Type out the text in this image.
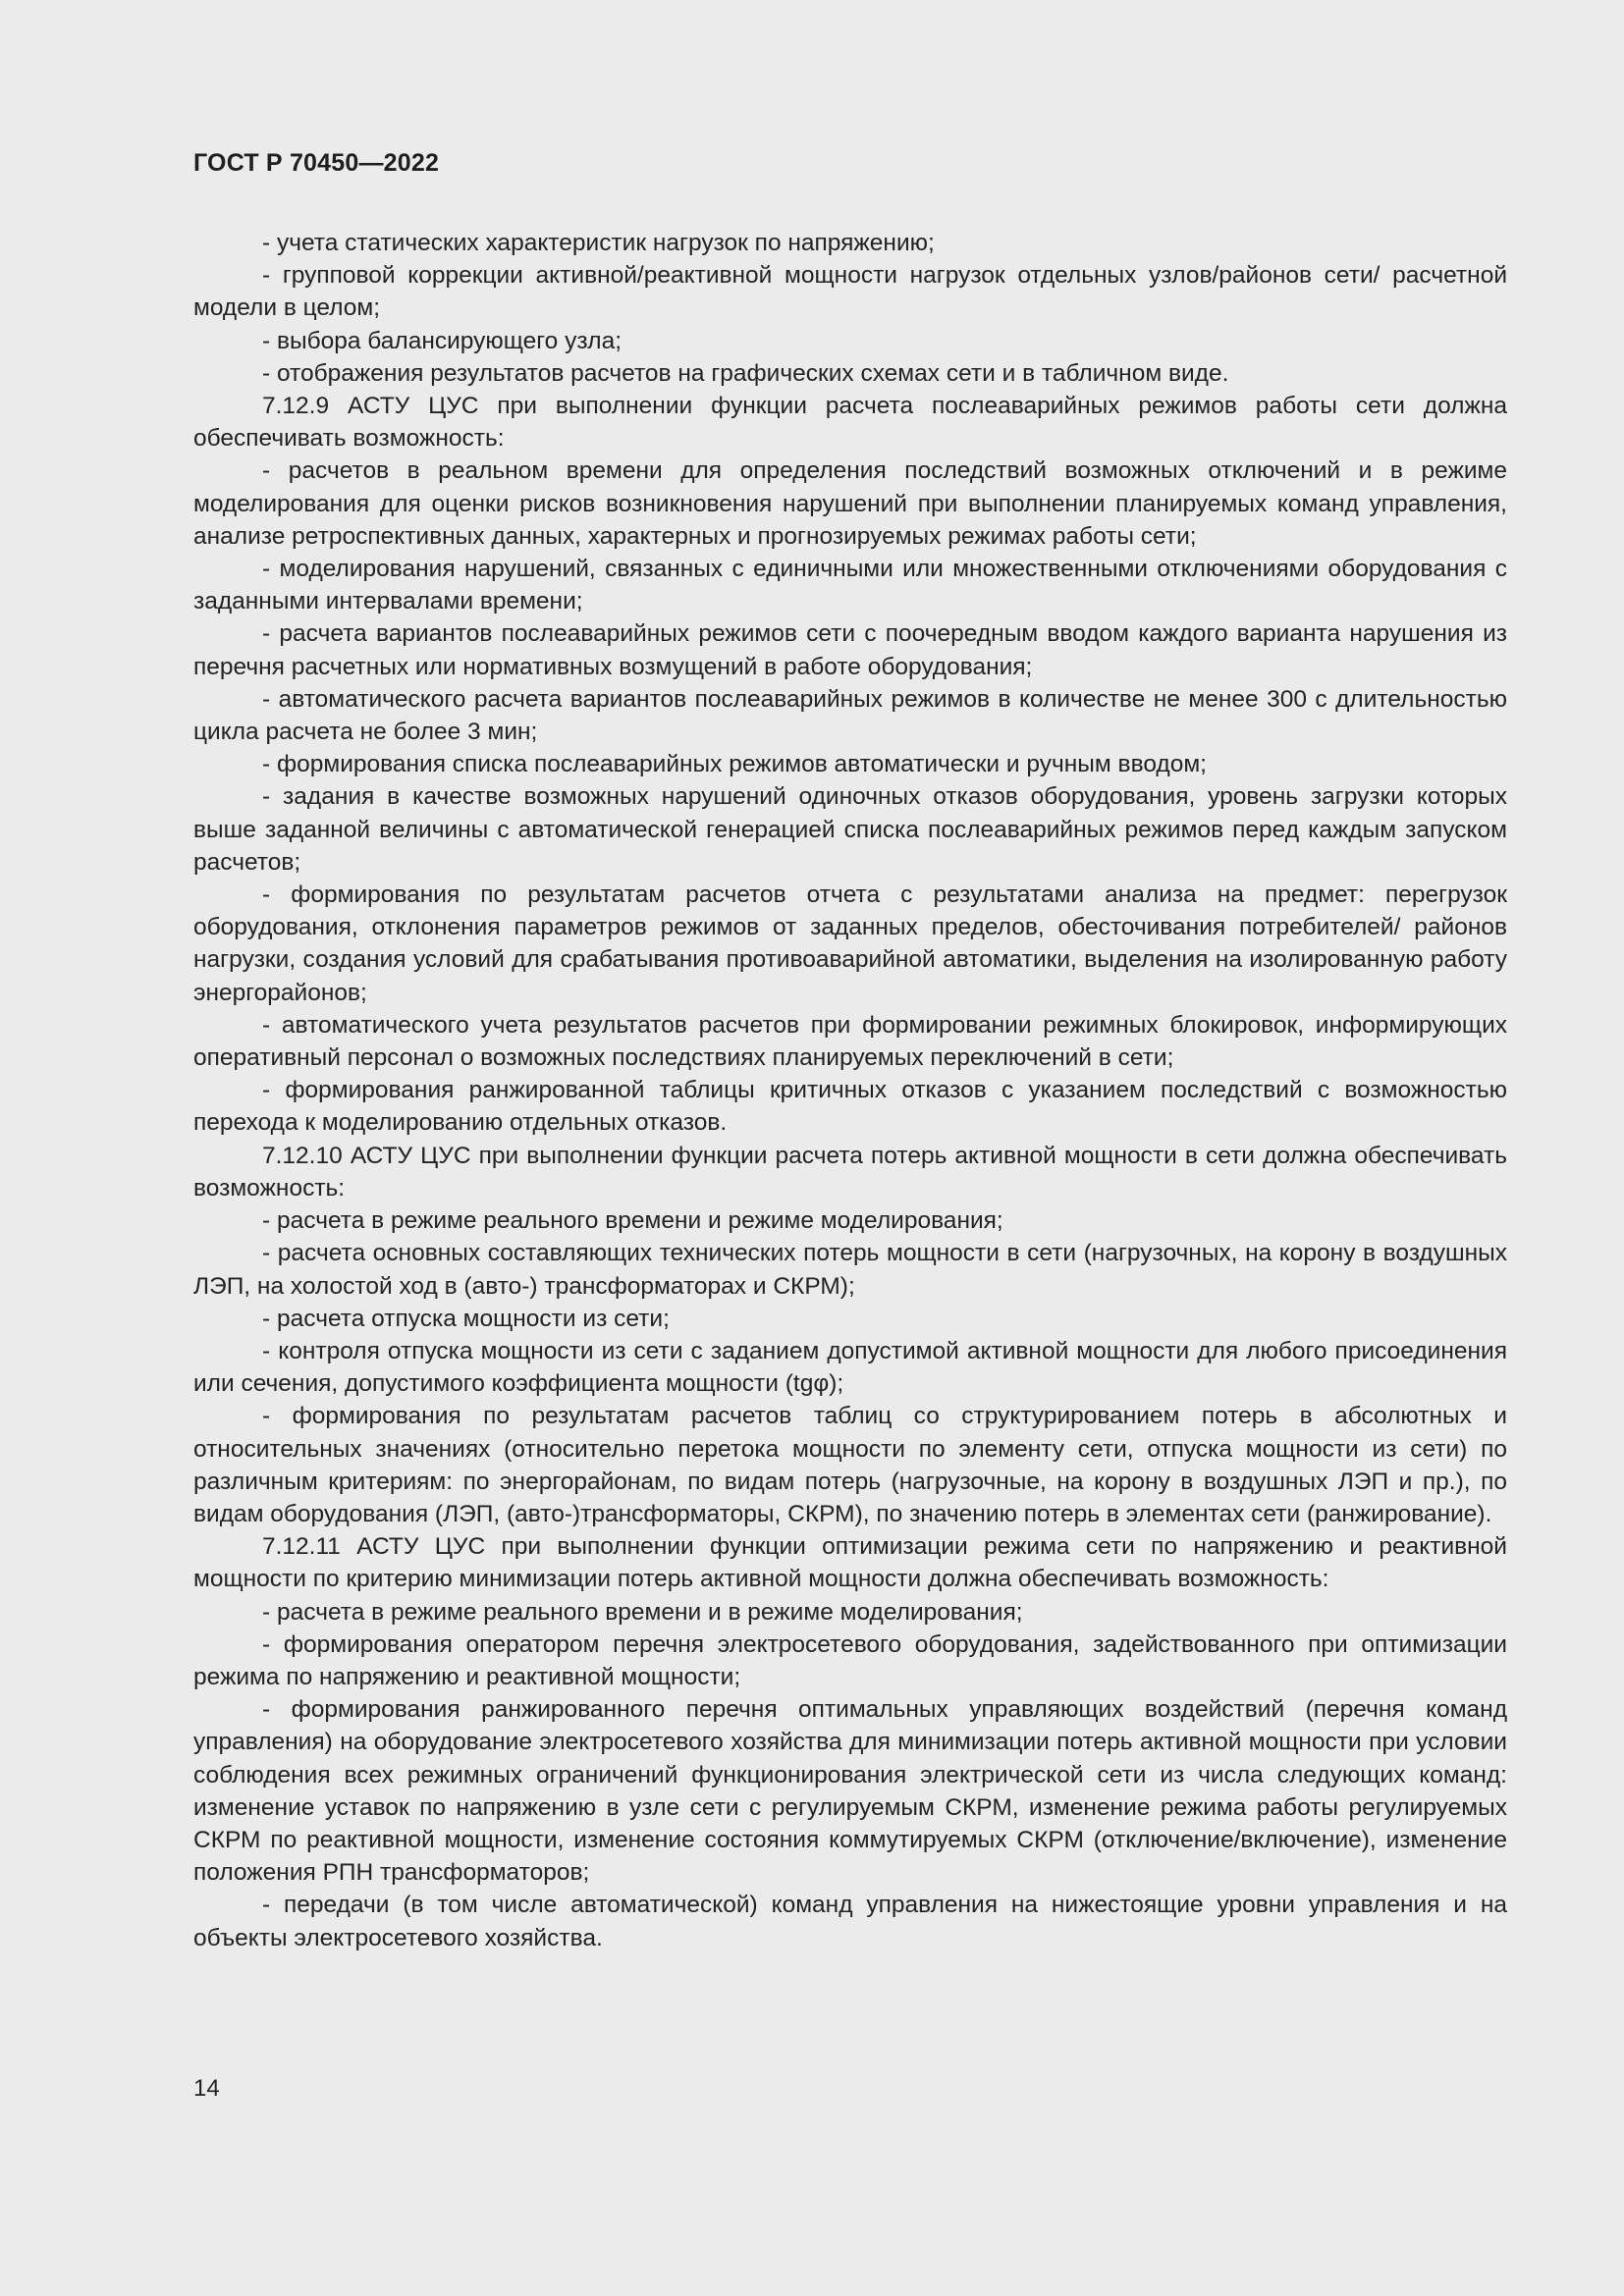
ГОСТ Р 70450—2022

- учета статических характеристик нагрузок по напряжению;

- групповой коррекции активной/реактивной мощности нагрузок отдельных узлов/районов сети/ расчетной модели в целом;

- выбора балансирующего узла;

- отображения результатов расчетов на графических схемах сети и в табличном виде.

7.12.9 АСТУ ЦУС при выполнении функции расчета послеаварийных режимов работы сети должна обеспечивать возможность:

- расчетов в реальном времени для определения последствий возможных отключений и в режиме моделирования для оценки рисков возникновения нарушений при выполнении планируемых команд управления, анализе ретроспективных данных, характерных и прогнозируемых режимах работы сети;

- моделирования нарушений, связанных с единичными или множественными отключениями оборудования с заданными интервалами времени;

- расчета вариантов послеаварийных режимов сети с поочередным вводом каждого варианта нарушения из перечня расчетных или нормативных возмущений в работе оборудования;

- автоматического расчета вариантов послеаварийных режимов в количестве не менее 300 с длительностью цикла расчета не более 3 мин;

- формирования списка послеаварийных режимов автоматически и ручным вводом;

- задания в качестве возможных нарушений одиночных отказов оборудования, уровень загрузки которых выше заданной величины с автоматической генерацией списка послеаварийных режимов перед каждым запуском расчетов;

- формирования по результатам расчетов отчета с результатами анализа на предмет: перегрузок оборудования, отклонения параметров режимов от заданных пределов, обесточивания потребителей/ районов нагрузки, создания условий для срабатывания противоаварийной автоматики, выделения на изолированную работу энергорайонов;

- автоматического учета результатов расчетов при формировании режимных блокировок, информирующих оперативный персонал о возможных последствиях планируемых переключений в сети;

- формирования ранжированной таблицы критичных отказов с указанием последствий с возможностью перехода к моделированию отдельных отказов.

7.12.10 АСТУ ЦУС при выполнении функции расчета потерь активной мощности в сети должна обеспечивать возможность:

- расчета в режиме реального времени и режиме моделирования;

- расчета основных составляющих технических потерь мощности в сети (нагрузочных, на корону в воздушных ЛЭП, на холостой ход в (авто-) трансформаторах и СКРМ);

- расчета отпуска мощности из сети;

- контроля отпуска мощности из сети с заданием допустимой активной мощности для любого присоединения или сечения, допустимого коэффициента мощности (tgφ);

- формирования по результатам расчетов таблиц со структурированием потерь в абсолютных и относительных значениях (относительно перетока мощности по элементу сети, отпуска мощности из сети) по различным критериям: по энергорайонам, по видам потерь (нагрузочные, на корону в воздушных ЛЭП и пр.), по видам оборудования (ЛЭП, (авто-)трансформаторы, СКРМ), по значению потерь в элементах сети (ранжирование).

7.12.11 АСТУ ЦУС при выполнении функции оптимизации режима сети по напряжению и реактивной мощности по критерию минимизации потерь активной мощности должна обеспечивать возможность:

- расчета в режиме реального времени и в режиме моделирования;

- формирования оператором перечня электросетевого оборудования, задействованного при оптимизации режима по напряжению и реактивной мощности;

- формирования ранжированного перечня оптимальных управляющих воздействий (перечня команд управления) на оборудование электросетевого хозяйства для минимизации потерь активной мощности при условии соблюдения всех режимных ограничений функционирования электрической сети из числа следующих команд: изменение уставок по напряжению в узле сети с регулируемым СКРМ, изменение режима работы регулируемых СКРМ по реактивной мощности, изменение состояния коммутируемых СКРМ (отключение/включение), изменение положения РПН трансформаторов;

- передачи (в том числе автоматической) команд управления на нижестоящие уровни управления и на объекты электросетевого хозяйства.

14
